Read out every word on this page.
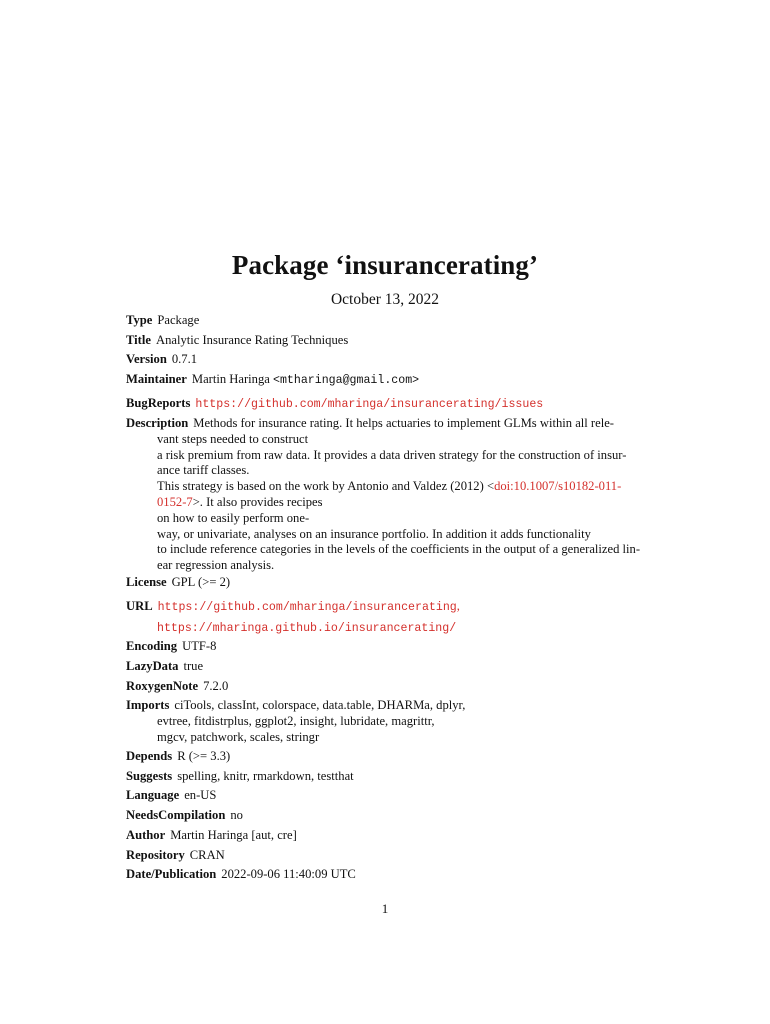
Package ‘insurancerating’
October 13, 2022
Type Package
Title Analytic Insurance Rating Techniques
Version 0.7.1
Maintainer Martin Haringa <mtharinga@gmail.com>
BugReports https://github.com/mharinga/insurancerating/issues
Description Methods for insurance rating. It helps actuaries to implement GLMs within all rele-
vant steps needed to construct
a risk premium from raw data. It provides a data driven strategy for the construction of insur-
ance tariff classes.
This strategy is based on the work by Antonio and Valdez (2012) <doi:10.1007/s10182-011-
0152-7>. It also provides recipes
on how to easily perform one-
way, or univariate, analyses on an insurance portfolio. In addition it adds functionality
to include reference categories in the levels of the coefficients in the output of a generalized lin-
ear regression analysis.
License GPL (>= 2)
URL https://github.com/mharinga/insurancerating,
https://mharinga.github.io/insurancerating/
Encoding UTF-8
LazyData true
RoxygenNote 7.2.0
Imports ciTools, classInt, colorspace, data.table, DHARMa, dplyr,
evtree, fitdistrplus, ggplot2, insight, lubridate, magrittr,
mgcv, patchwork, scales, stringr
Depends R (>= 3.3)
Suggests spelling, knitr, rmarkdown, testthat
Language en-US
NeedsCompilation no
Author Martin Haringa [aut, cre]
Repository CRAN
Date/Publication 2022-09-06 11:40:09 UTC
1
